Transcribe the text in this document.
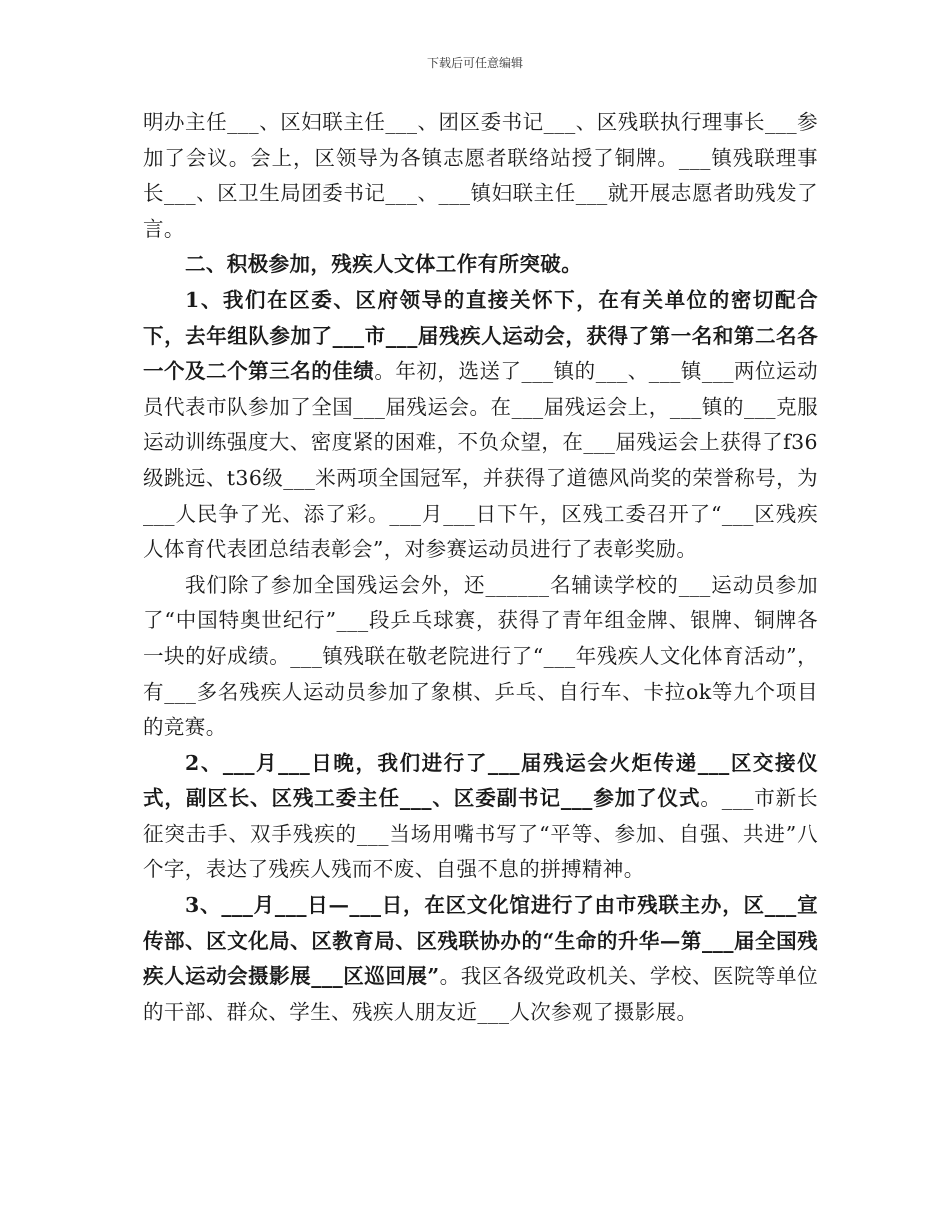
下载后可任意编辑

明办主任___、区妇联主任___、团区委书记___、区残联执行理事长___参加了会议。会上，区领导为各镇志愿者联络站授了铜牌。___镇残联理事长___、区卫生局团委书记___、___镇妇联主任___就开展志愿者助残发了言。

二、积极参加，残疾人文体工作有所突破。

1、我们在区委、区府领导的直接关怀下，在有关单位的密切配合下，去年组队参加了___市___届残疾人运动会，获得了第一名和第二名各一个及二个第三名的佳绩。年初，选送了___镇的___、___镇___两位运动员代表市队参加了全国___届残运会。在___届残运会上，___镇的___克服运动训练强度大、密度紧的困难，不负众望，在___届残运会上获得了f36级跳远、t36级___米两项全国冠军，并获得了道德风尚奖的荣誉称号，为___人民争了光、添了彩。___月___日下午，区残工委召开了“___区残疾人体育代表团总结表彰会”，对参赛运动员进行了表彰奖励。

我们除了参加全国残运会外，还______名辅读学校的___运动员参加了“中国特奥世纪行”___段乒乓球赛，获得了青年组金牌、银牌、铜牌各一块的好成绩。___镇残联在敬老院进行了“___年残疾人文化体育活动”，有___多名残疾人运动员参加了象棋、乒乓、自行车、卡拉ok等九个项目的竞赛。

2、___月___日晚，我们进行了___届残运会火炬传递___区交接仪式，副区长、区残工委主任___、区委副书记___参加了仪式。___市新长征突击手、双手残疾的___当场用嘴书写了“平等、参加、自强、共进”八个字，表达了残疾人残而不废、自强不息的拼搏精神。

3、___月___日—___日，在区文化馆进行了由市残联主办，区___宣传部、区文化局、区教育局、区残联协办的“生命的升华—第___届全国残疾人运动会摄影展___区巡回展”。我区各级党政机关、学校、医院等单位的干部、群众、学生、残疾人朋友近___人次参观了摄影展。
